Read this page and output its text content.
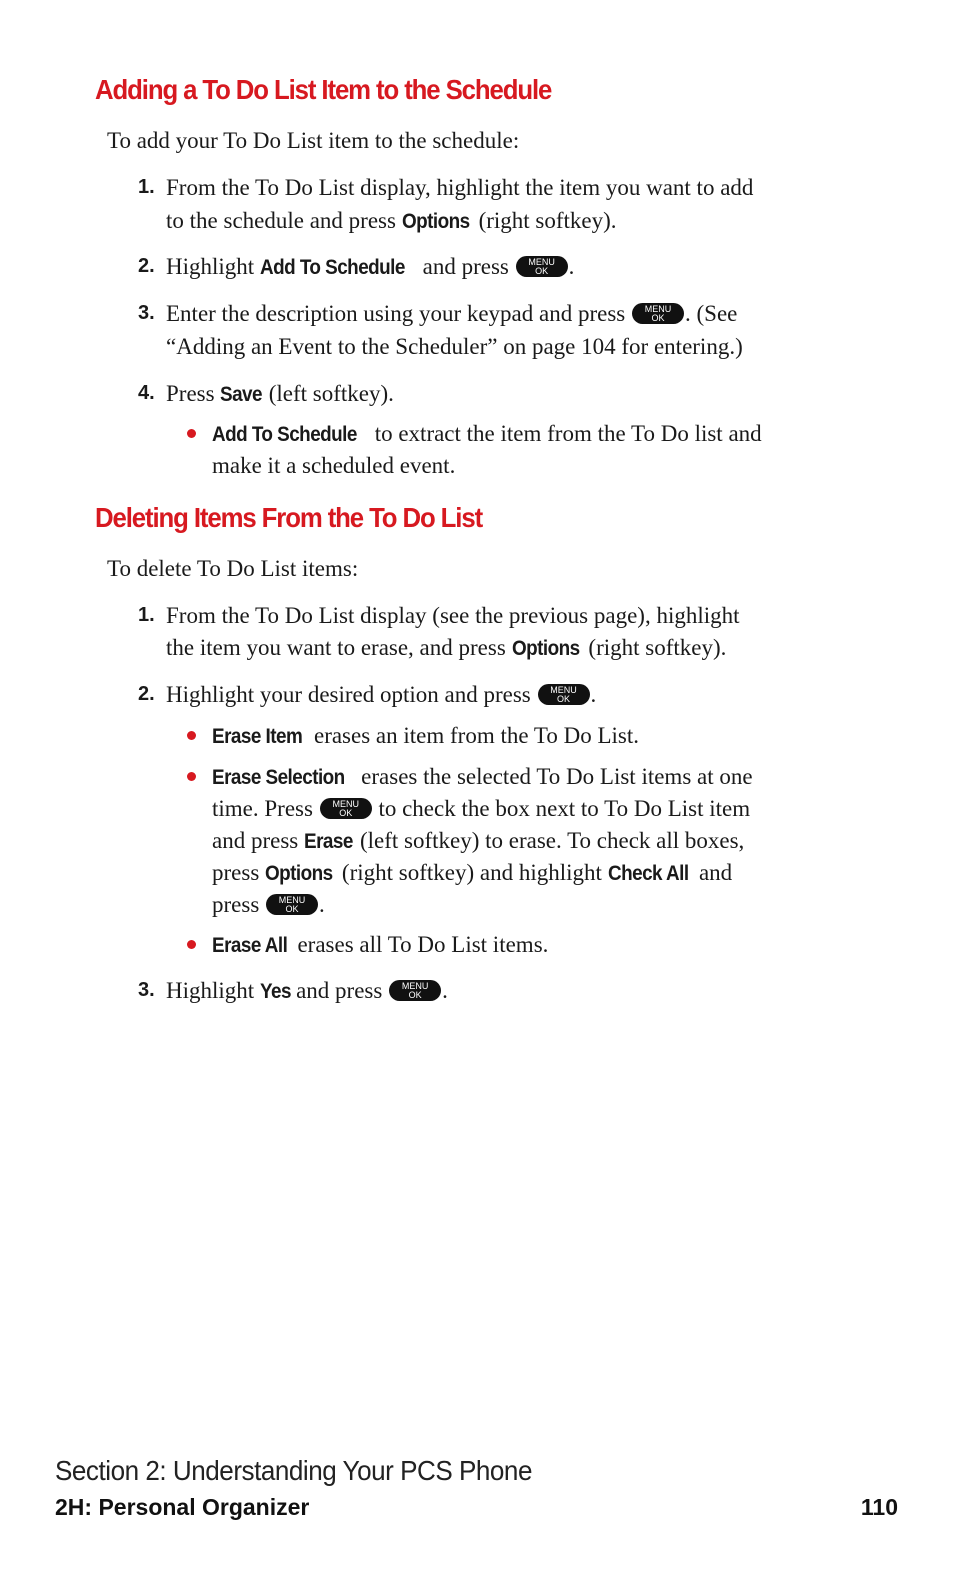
Adding a To Do List Item to the Schedule

To add your To Do List item to the schedule:

1. From the To Do List display, highlight the item you want to add

to the schedule and press Options (right softkey).

2. Highlight Add To Schedule and press	MENU
OK .

3. Enter the description using your keypad and press	MENU
OK . (See

“Adding an Event to the Scheduler” on page 104 for entering.)

4. Press Save (left softkey).

Add To Schedule to extract the item from the To Do list and

make it a scheduled event.

Deleting Items From the To Do List

To delete To Do List items:

1. From the To Do List display (see the previous page), highlight

the item you want to erase, and press Options (right softkey).

2. Highlight your desired option and press	MENU
OK .

Erase Item erases an item from the To Do List.

Erase Selection erases the selected To Do List items at one

time. Press	MENU
OK to check the box next to To Do List item

and press Erase (left softkey) to erase. To check all boxes,

press Options (right softkey) and highlight Check All and

press	MENU
OK .

Erase All erases all To Do List items.

3. Highlight Yes and press	MENU
OK .

Section 2: Understanding Your PCS Phone

2H: Personal Organizer	110
